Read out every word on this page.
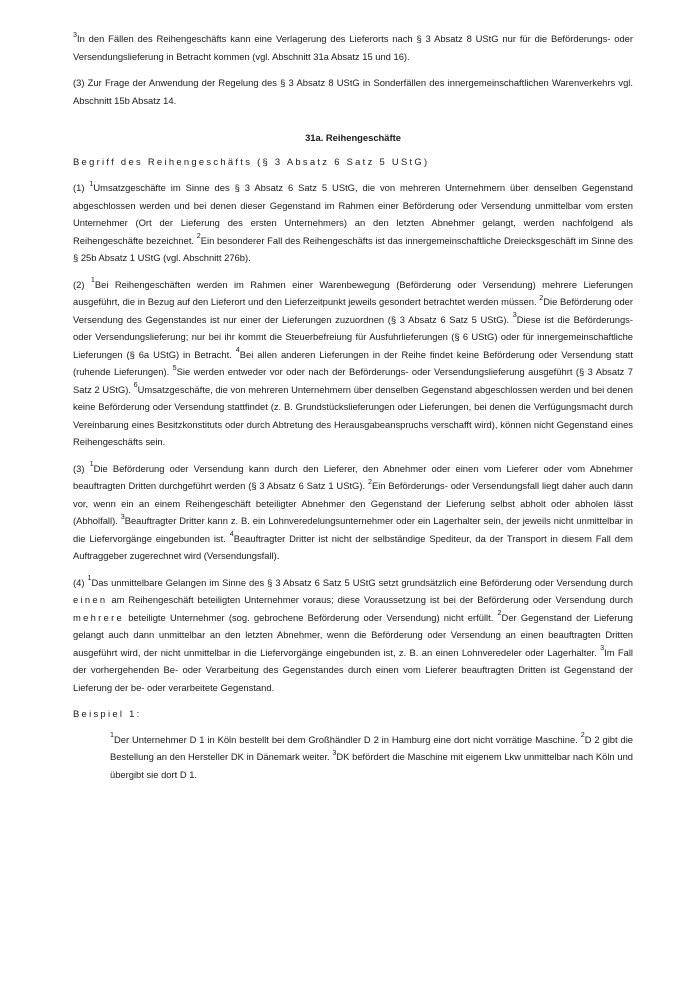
$^3$In den Fällen des Reihengeschäfts kann eine Verlagerung des Lieferorts nach § 3 Absatz 8 UStG nur für die Beförderungs- oder Versendungslieferung in Betracht kommen (vgl. Abschnitt 31a Absatz 15 und 16).

(3) Zur Frage der Anwendung der Regelung des § 3 Absatz 8 UStG in Sonderfällen des innergemeinschaftlichen Warenverkehrs vgl. Abschnitt 15b Absatz 14.

31a. Reihengeschäfte

Begriff des Reihengeschäfts (§ 3 Absatz 6 Satz 5 UStG)

(1) $^1$Umsatzgeschäfte im Sinne des § 3 Absatz 6 Satz 5 UStG, die von mehreren Unternehmern über denselben Gegenstand abgeschlossen werden und bei denen dieser Gegenstand im Rahmen einer Beförderung oder Versendung unmittelbar vom ersten Unternehmer (Ort der Lieferung des ersten Unternehmers) an den letzten Abnehmer gelangt, werden nachfolgend als Reihengeschäfte bezeichnet. $^2$Ein besonderer Fall des Reihengeschäfts ist das innergemeinschaftliche Dreiecksgeschäft im Sinne des § 25b Absatz 1 UStG (vgl. Abschnitt 276b).

(2) $^1$Bei Reihengeschäften werden im Rahmen einer Warenbewegung (Beförderung oder Versendung) mehrere Lieferungen ausgeführt, die in Bezug auf den Lieferort und den Lieferzeitpunkt jeweils gesondert betrachtet werden müssen. $^2$Die Beförderung oder Versendung des Gegenstandes ist nur einer der Lieferungen zuzuordnen (§ 3 Absatz 6 Satz 5 UStG). $^3$Diese ist die Beförderungs- oder Versendungslieferung; nur bei ihr kommt die Steuerbefreiung für Ausfuhrlieferungen (§ 6 UStG) oder für innergemeinschaftliche Lieferungen (§ 6a UStG) in Betracht. $^4$Bei allen anderen Lieferungen in der Reihe findet keine Beförderung oder Versendung statt (ruhende Lieferungen). $^5$Sie werden entweder vor oder nach der Beförderungs- oder Versendungslieferung ausgeführt (§ 3 Absatz 7 Satz 2 UStG). $^6$Umsatzgeschäfte, die von mehreren Unternehmern über denselben Gegenstand abgeschlossen werden und bei denen keine Beförderung oder Versendung stattfindet (z. B. Grundstückslieferungen oder Lieferungen, bei denen die Verfügungsmacht durch Vereinbarung eines Besitzkonstituts oder durch Abtretung des Herausgabeanspruchs verschafft wird), können nicht Gegenstand eines Reihengeschäfts sein.

(3) $^1$Die Beförderung oder Versendung kann durch den Lieferer, den Abnehmer oder einen vom Lieferer oder vom Abnehmer beauftragten Dritten durchgeführt werden (§ 3 Absatz 6 Satz 1 UStG). $^2$Ein Beförderungs- oder Versendungsfall liegt daher auch dann vor, wenn ein an einem Reihengeschäft beteiligter Abnehmer den Gegenstand der Lieferung selbst abholt oder abholen lässt (Abholfall). $^3$Beauftragter Dritter kann z. B. ein Lohnveredelungsunternehmer oder ein Lagerhalter sein, der jeweils nicht unmittelbar in die Liefervorgänge eingebunden ist. $^4$Beauftragter Dritter ist nicht der selbständige Spediteur, da der Transport in diesem Fall dem Auftraggeber zugerechnet wird (Versendungsfall).

(4) $^1$Das unmittelbare Gelangen im Sinne des § 3 Absatz 6 Satz 5 UStG setzt grundsätzlich eine Beförderung oder Versendung durch einen am Reihengeschäft beteiligten Unternehmer voraus; diese Voraussetzung ist bei der Beförderung oder Versendung durch mehrere beteiligte Unternehmer (sog. gebrochene Beförderung oder Versendung) nicht erfüllt. $^2$Der Gegenstand der Lieferung gelangt auch dann unmittelbar an den letzten Abnehmer, wenn die Beförderung oder Versendung an einen beauftragten Dritten ausgeführt wird, der nicht unmittelbar in die Liefervorgänge eingebunden ist, z. B. an einen Lohnveredeler oder Lagerhalter. $^3$Im Fall der vorhergehenden Be- oder Verarbeitung des Gegenstandes durch einen vom Lieferer beauftragten Dritten ist Gegenstand der Lieferung der be- oder verarbeitete Gegenstand.

Beispiel 1:

$^1$Der Unternehmer D 1 in Köln bestellt bei dem Großhändler D 2 in Hamburg eine dort nicht vorrätige Maschine. $^2$D 2 gibt die Bestellung an den Hersteller DK in Dänemark weiter. $^3$DK befördert die Maschine mit eigenem Lkw unmittelbar nach Köln und übergibt sie dort D 1.
